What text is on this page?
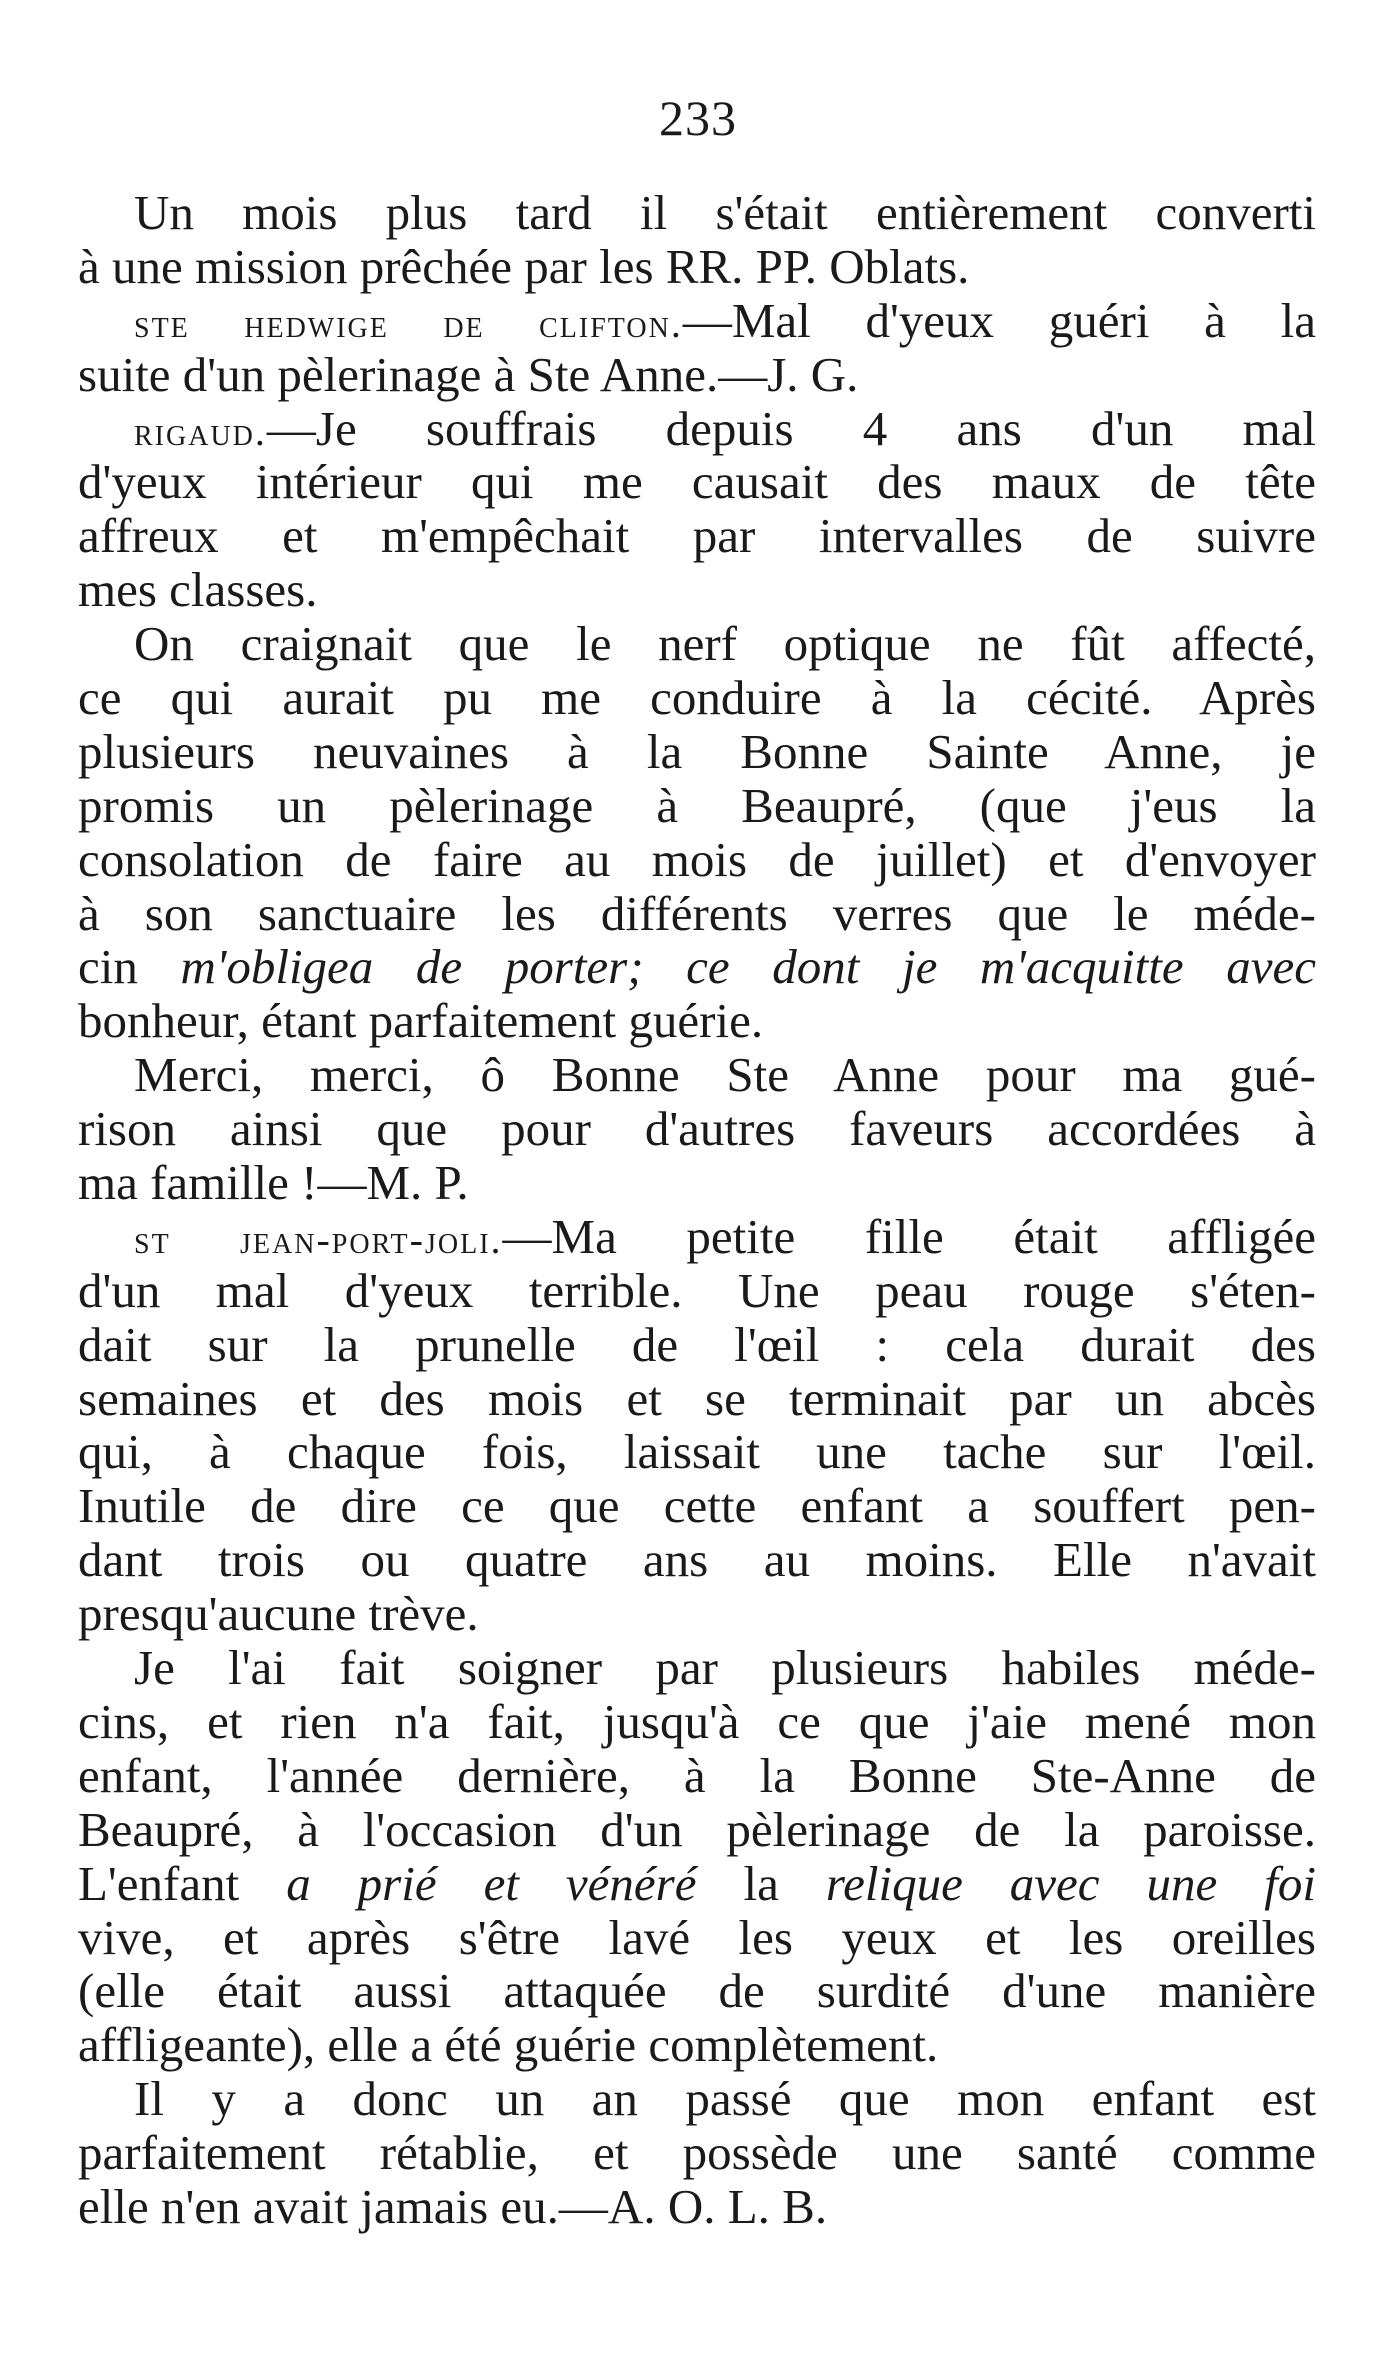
233
Un mois plus tard il s'était entièrement converti
à une mission prêchée par les RR. PP. Oblats.
ste hedwige de clifton.—Mal d'yeux guéri à la
suite d'un pèlerinage à Ste Anne.—J. G.
rigaud.—Je souffrais depuis 4 ans d'un mal
d'yeux intérieur qui me causait des maux de tête
affreux et m'empêchait par intervalles de suivre
mes classes.
On craignait que le nerf optique ne fût affecté,
ce qui aurait pu me conduire à la cécité. Après
plusieurs neuvaines à la Bonne Sainte Anne, je
promis un pèlerinage à Beaupré, (que j'eus la
consolation de faire au mois de juillet) et d'envoyer
à son sanctuaire les différents verres que le méde-
cin m'obligea de porter; ce dont je m'acquitte avec
bonheur, étant parfaitement guérie.
Merci, merci, ô Bonne Ste Anne pour ma gué-
rison ainsi que pour d'autres faveurs accordées à
ma famille !—M. P.
st jean-port-joli.—Ma petite fille était affligée
d'un mal d'yeux terrible. Une peau rouge s'éten-
dait sur la prunelle de l'œil : cela durait des
semaines et des mois et se terminait par un abcès
qui, à chaque fois, laissait une tache sur l'œil.
Inutile de dire ce que cette enfant a souffert pen-
dant trois ou quatre ans au moins. Elle n'avait
presqu'aucune trève.
Je l'ai fait soigner par plusieurs habiles méde-
cins, et rien n'a fait, jusqu'à ce que j'aie mené mon
enfant, l'année dernière, à la Bonne Ste-Anne de
Beaupré, à l'occasion d'un pèlerinage de la paroisse.
L'enfant a prié et vénéré la relique avec une foi
vive, et après s'être lavé les yeux et les oreilles
(elle était aussi attaquée de surdité d'une manière
affligeante), elle a été guérie complètement.
Il y a donc un an passé que mon enfant est
parfaitement rétablie, et possède une santé comme
elle n'en avait jamais eu.—A. O. L. B.
